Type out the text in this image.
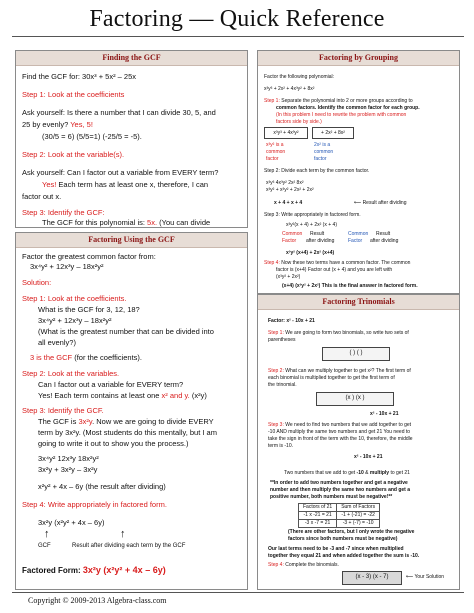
Factoring — Quick Reference
Finding the GCF
Find the GCF for: 30x³ + 5x² – 25x
Step 1: Look at the coefficients
Ask yourself: Is there a number that I can divide 30, 5, and
25 by evenly? Yes, 5!
(30/5 = 6) (5/5=1) (-25/5 = -5).
Step 2: Look at the variable(s).
Ask yourself: Can I factor out a variable from EVERY term?
Yes! Each term has at least one x, therefore, I can
factor out x.
Step 3: Identify the GCF:
The GCF for this polynomial is: 5x. (You can divide
Factoring Using the GCF
Factor the greatest common factor from:
3x⁴y² + 12x³y – 18x²y²
Solution:
Step 1: Look at the coefficients.
What is the GCF for 3, 12, 18?
3x⁴y² + 12x³y – 18x²y²
(What is the greatest number that can be divided into
all evenly?)
3 is the GCF (for the coefficients).
Step 2: Look at the variables.
Can I factor out a variable for EVERY term?
Yes! Each term contains at least one x² and y. (x²y)
Step 3: Identify the GCF.
The GCF is 3x²y. Now we are going to divide EVERY
term by 3x²y. (Most students do this mentally, but I am
going to write it out to show you the process.)
3x⁴y² 12x³y 18x²y²
3x²y + 3x²y – 3x²y
x²y² + 4x – 6y (the result after dividing)
Step 4: Write appropriately in factored form.
3x²y (x²y² + 4x – 6y)
↑	↑
GCF	Result after dividing each term by the GCF
Factored Form: 3x²y (x²y² + 4x – 6y)
Factoring by Grouping
Factor the following polynomial:
x³y³ + 2x² + 4x³y² + 8x²
Step 1: Separate the polynomial into 2 or more groups according to
common factors. Identify the common factor for each group.
(In this problem I need to rewrite the problem with common
factors side by side.)
x³y³ + 4x³y²	+ 2x² + 8x²
x³y² is a
common
factor
2x² is a
common
factor
Step 2: Divide each term by the common factor.
x³y³ 4x³y² 2x² 8x²
x³y² + x³y² + 2x² + 2x²
x + 4 + x + 4	⟵ Result after dividing
Step 3: Write appropriately in factored form.
x³y²(x + 4) + 2x² (x + 4)
Common Result	Common Result
Factor after dividing	Factor after dividing
x³y² (x+4) + 2x² (x+4)
Step 4: Now these two terms have a common factor. The common
factor is (x+4) Factor out (x + 4) and you are left with
(x³y² + 2x²)
(x+4) (x³y² + 2x²) This is the final answer in factored form.
Factoring Trinomials
Factor: x² - 10x + 21
Step 1: We are going to form two binomials, so write two sets of
parentheses
( ) ( )
Step 2: What can we multiply together to get x²? The first term of
each binomial is multiplied together to get the first term of
the trinomial.
(x ) (x )
x² - 10x + 21
Step 3: We need to find two numbers that we add together to get
-10 AND multiply the same two numbers and get 21 You need to
take the sign in front of the term with the 10, therefore, the middle
term is -10.
x² - 10x + 21
Two numbers that we add to get -10 & multiply to get 21
**In order to add two numbers together and get a negative
number and then multiply the same two numbers and get a
positive number, both numbers must be negative!**
Factors of 21	Sum of Factors
-1 x -21 = 21	-1 + (-21) = -22
-3 x -7 = 21	-3 + (-7) = -10
(There are other factors, but I only wrote the negative
factors since both numbers must be negative)
Our last terms need to be -3 and -7 since when multiplied
together they equal 21 and when added together the sum is -10.
Step 4: Complete the binomials.
(x - 3) (x - 7)	⟵ Your Solution
Copyright © 2009-2013 Algebra-class.com
